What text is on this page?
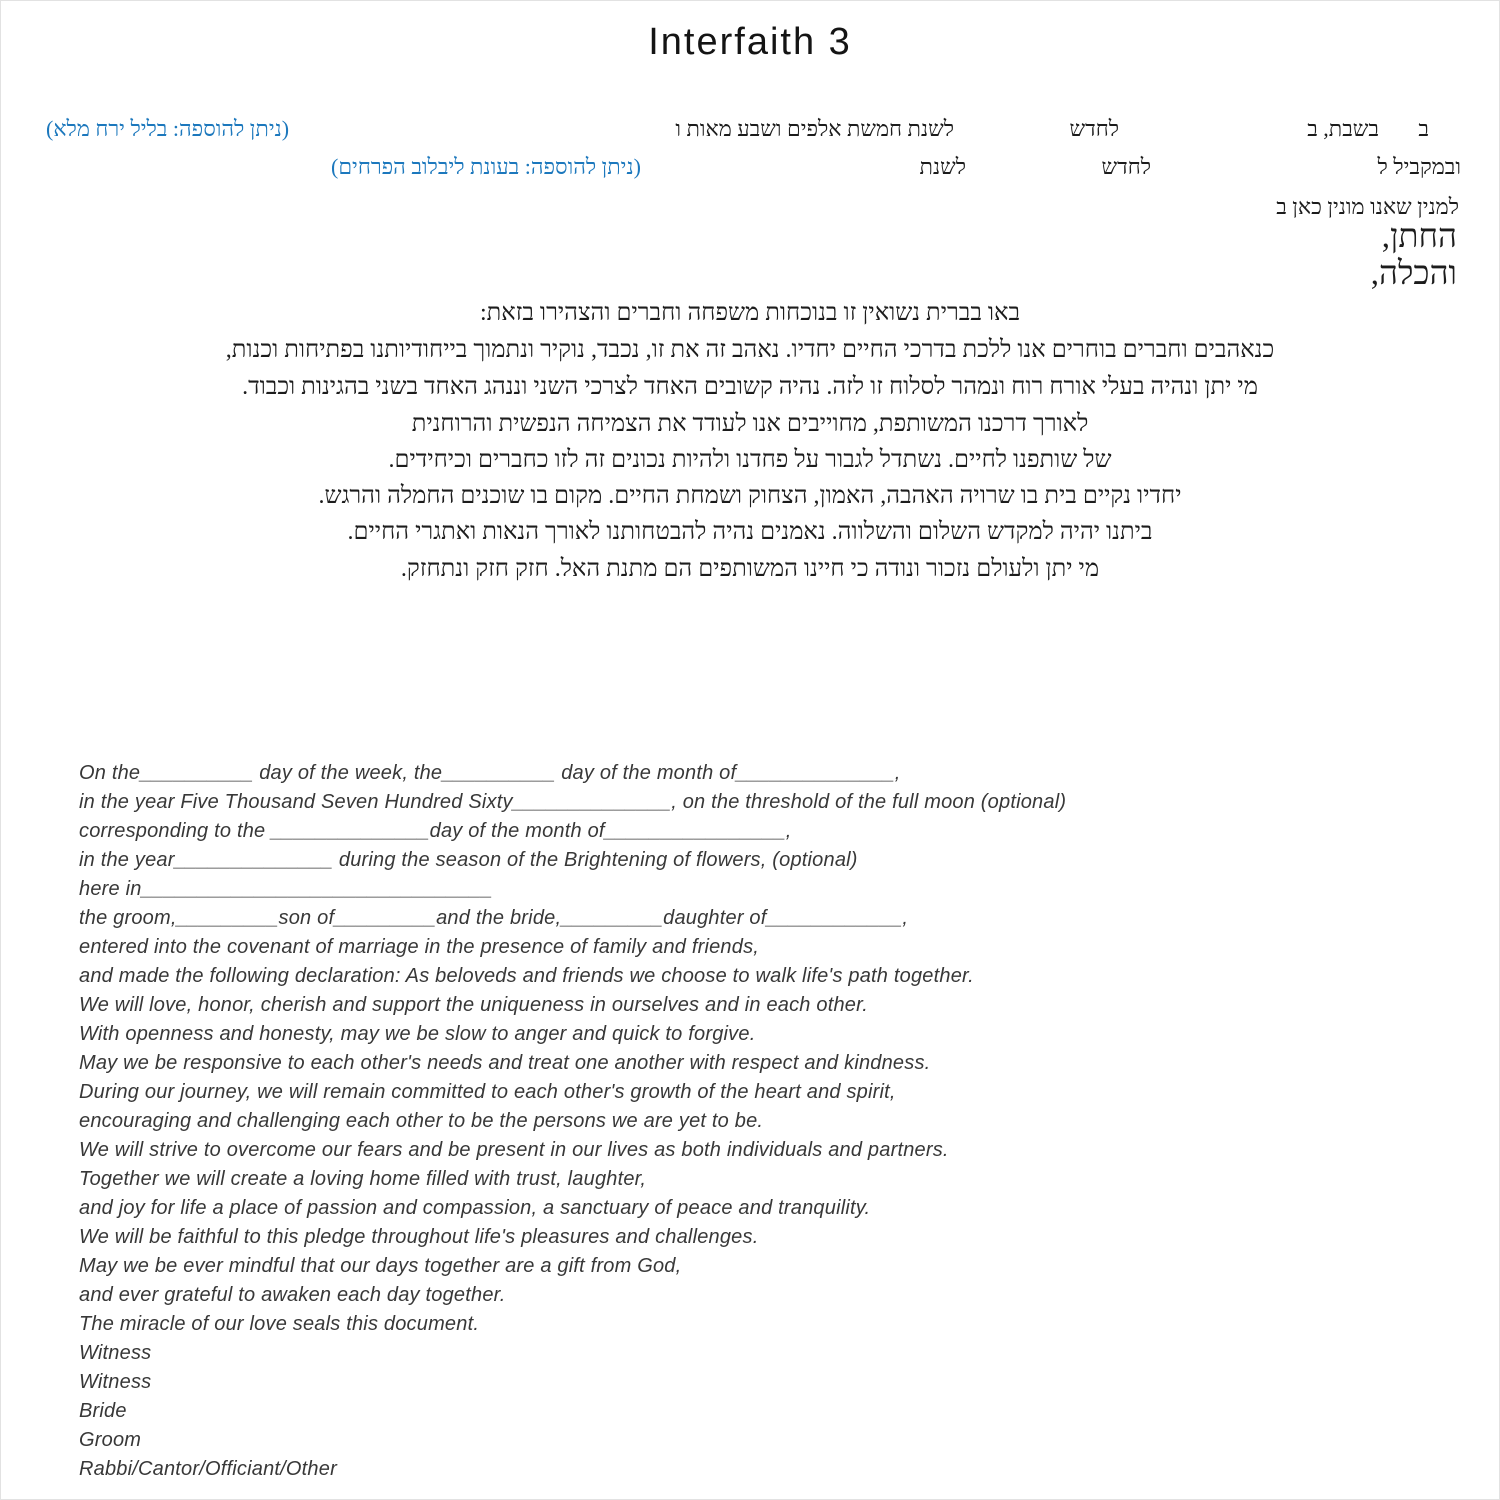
Interfaith 3
ב
בשבת, ב
לחדש
לשנת חמשת אלפים ושבע מאות ו
(ניתן להוספה: בליל ירח מלא)
ובמקביל ל
לחדש
לשנת
(ניתן להוספה: בעונת ליבלוב הפרחים)
למנין שאנו מונין כאן ב
החתן,
והכלה,
באו בברית נשואין זו בנוכחות משפחה וחברים והצהירו בזאת:
כנאהבים וחברים בוחרים אנו ללכת בדרכי החיים יחדיו. נאהב זה את זו, נכבד, נוקיר ונתמוך בייחודיותנו בפתיחות וכנות,
מי יתן ונהיה בעלי אורח רוח ונמהר לסלוח זו לזה. נהיה קשובים האחד לצרכי השני וננהג האחד בשני בהגינות וכבוד.
לאורך דרכנו המשותפת, מחוייבים אנו לעודד את הצמיחה הנפשית והרוחנית
של שותפנו לחיים. נשתדל לגבור על פחדנו ולהיות נכונים זה לזו כחברים וכיחידים.
יחדיו נקיים בית בו שרויה האהבה, האמון, הצחוק ושמחת החיים. מקום בו שוכנים החמלה והרגש.
ביתנו יהיה למקדש השלום והשלווה. נאמנים נהיה להבטחותנו לאורך הנאות ואתגרי החיים.
מי יתן ולעולם נזכור ונודה כי חיינו המשותפים הם מתנת האל. חזק חזק ונתחזק.
On the__________ day of the week, the__________ day of the month of______________,
in the year Five Thousand Seven Hundred Sixty______________, on the threshold of the full moon (optional)
corresponding to the ______________day of the month of________________,
in the year______________ during the season of the Brightening of flowers, (optional)
here in_______________________________
the groom,_________son of_________and the bride,_________daughter of____________,
entered into the covenant of marriage in the presence of family and friends,
and made the following declaration: As beloveds and friends we choose to walk life's path together.
We will love, honor, cherish and support the uniqueness in ourselves and in each other.
With openness and honesty, may we be slow to anger and quick to forgive.
May we be responsive to each other's needs and treat one another with respect and kindness.
During our journey, we will remain committed to each other's growth of the heart and spirit,
encouraging and challenging each other to be the persons we are yet to be.
We will strive to overcome our fears and be present in our lives as both individuals and partners.
Together we will create a loving home filled with trust, laughter,
and joy for life a place of passion and compassion, a sanctuary of peace and tranquility.
We will be faithful to this pledge throughout life's pleasures and challenges.
May we be ever mindful that our days together are a gift from God,
and ever grateful to awaken each day together.
The miracle of our love seals this document.
Witness
Witness
Bride
Groom
Rabbi/Cantor/Officiant/Other
